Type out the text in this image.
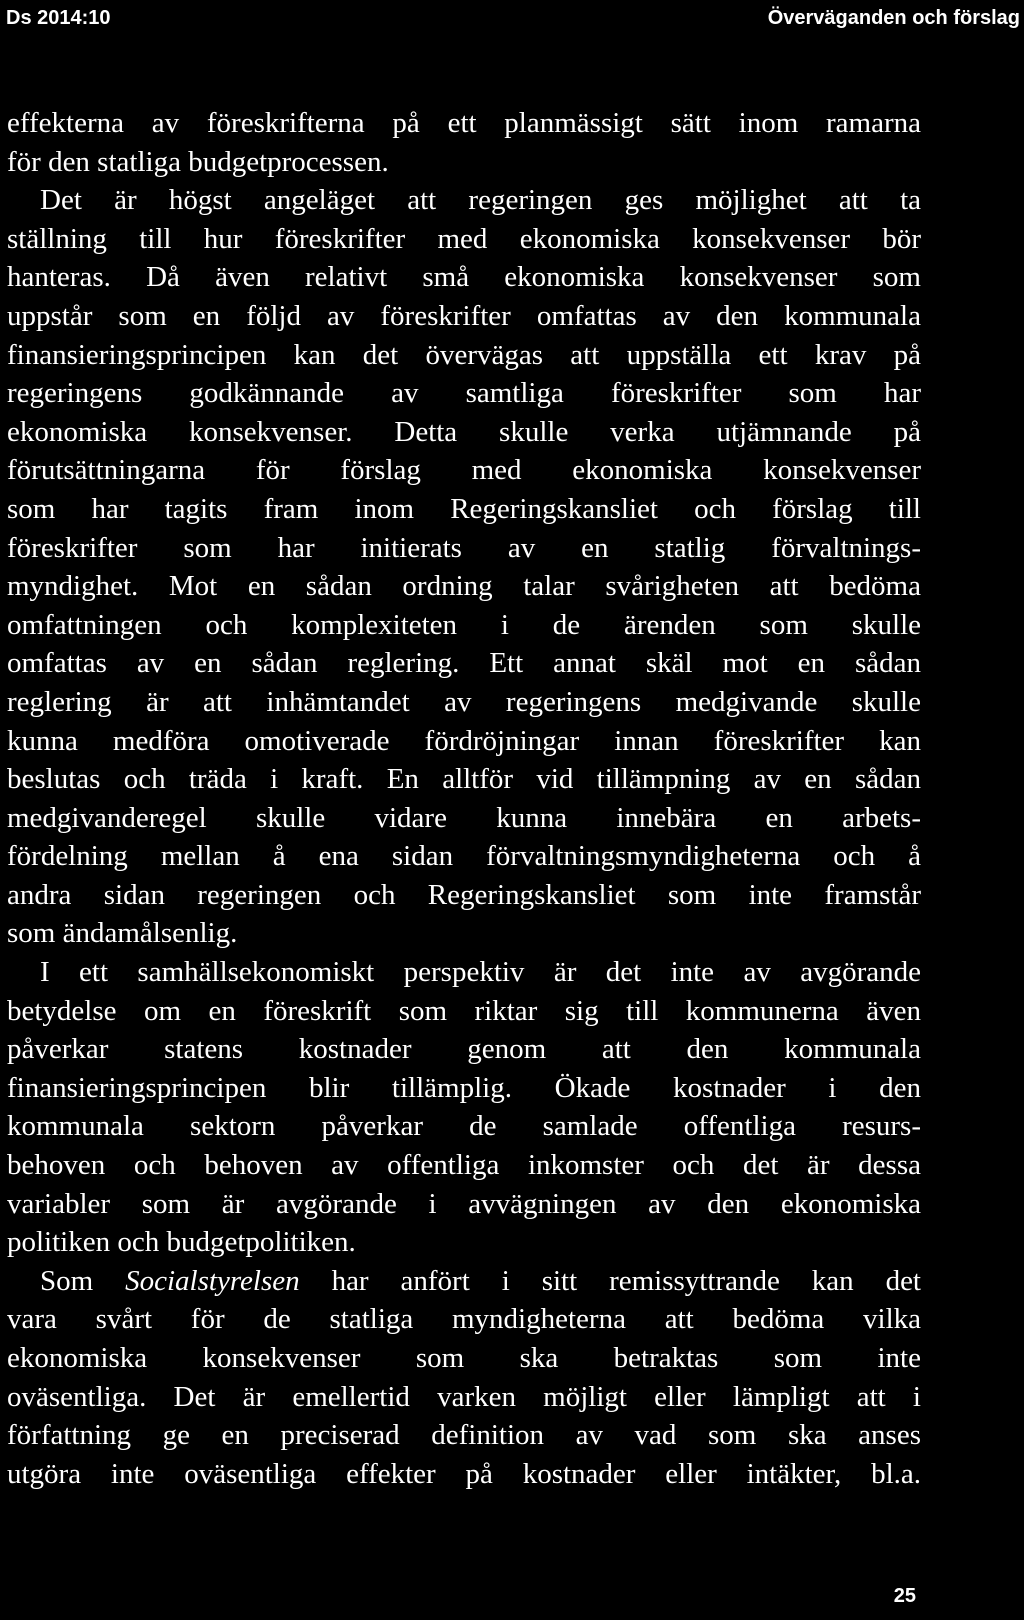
Ds 2014:10	Överväganden och förslag
effekterna av föreskrifterna på ett planmässigt sätt inom ramarna
för den statliga budgetprocessen.
Det är högst angeläget att regeringen ges möjlighet att ta
ställning till hur föreskrifter med ekonomiska konsekvenser bör
hanteras. Då även relativt små ekonomiska konsekvenser som
uppstår som en följd av föreskrifter omfattas av den kommunala
finansieringsprincipen kan det övervägas att uppställa ett krav på
regeringens godkännande av samtliga föreskrifter som har
ekonomiska konsekvenser. Detta skulle verka utjämnande på
förutsättningarna för förslag med ekonomiska konsekvenser
som har tagits fram inom Regeringskansliet och förslag till
föreskrifter som har initierats av en statlig förvaltnings-
myndighet. Mot en sådan ordning talar svårigheten att bedöma
omfattningen och komplexiteten i de ärenden som skulle
omfattas av en sådan reglering. Ett annat skäl mot en sådan
reglering är att inhämtandet av regeringens medgivande skulle
kunna medföra omotiverade fördröjningar innan föreskrifter kan
beslutas och träda i kraft. En alltför vid tillämpning av en sådan
medgivanderegel skulle vidare kunna innebära en arbets-
fördelning mellan å ena sidan förvaltningsmyndigheterna och å
andra sidan regeringen och Regeringskansliet som inte framstår
som ändamålsenlig.
I ett samhällsekonomiskt perspektiv är det inte av avgörande
betydelse om en föreskrift som riktar sig till kommunerna även
påverkar statens kostnader genom att den kommunala
finansieringsprincipen blir tillämplig. Ökade kostnader i den
kommunala sektorn påverkar de samlade offentliga resurs-
behoven och behoven av offentliga inkomster och det är dessa
variabler som är avgörande i avvägningen av den ekonomiska
politiken och budgetpolitiken.
Som Socialstyrelsen har anfört i sitt remissyttrande kan det
vara svårt för de statliga myndigheterna att bedöma vilka
ekonomiska konsekvenser som ska betraktas som inte
oväsentliga. Det är emellertid varken möjligt eller lämpligt att i
författning ge en preciserad definition av vad som ska anses
utgöra inte oväsentliga effekter på kostnader eller intäkter, bl.a.
25
